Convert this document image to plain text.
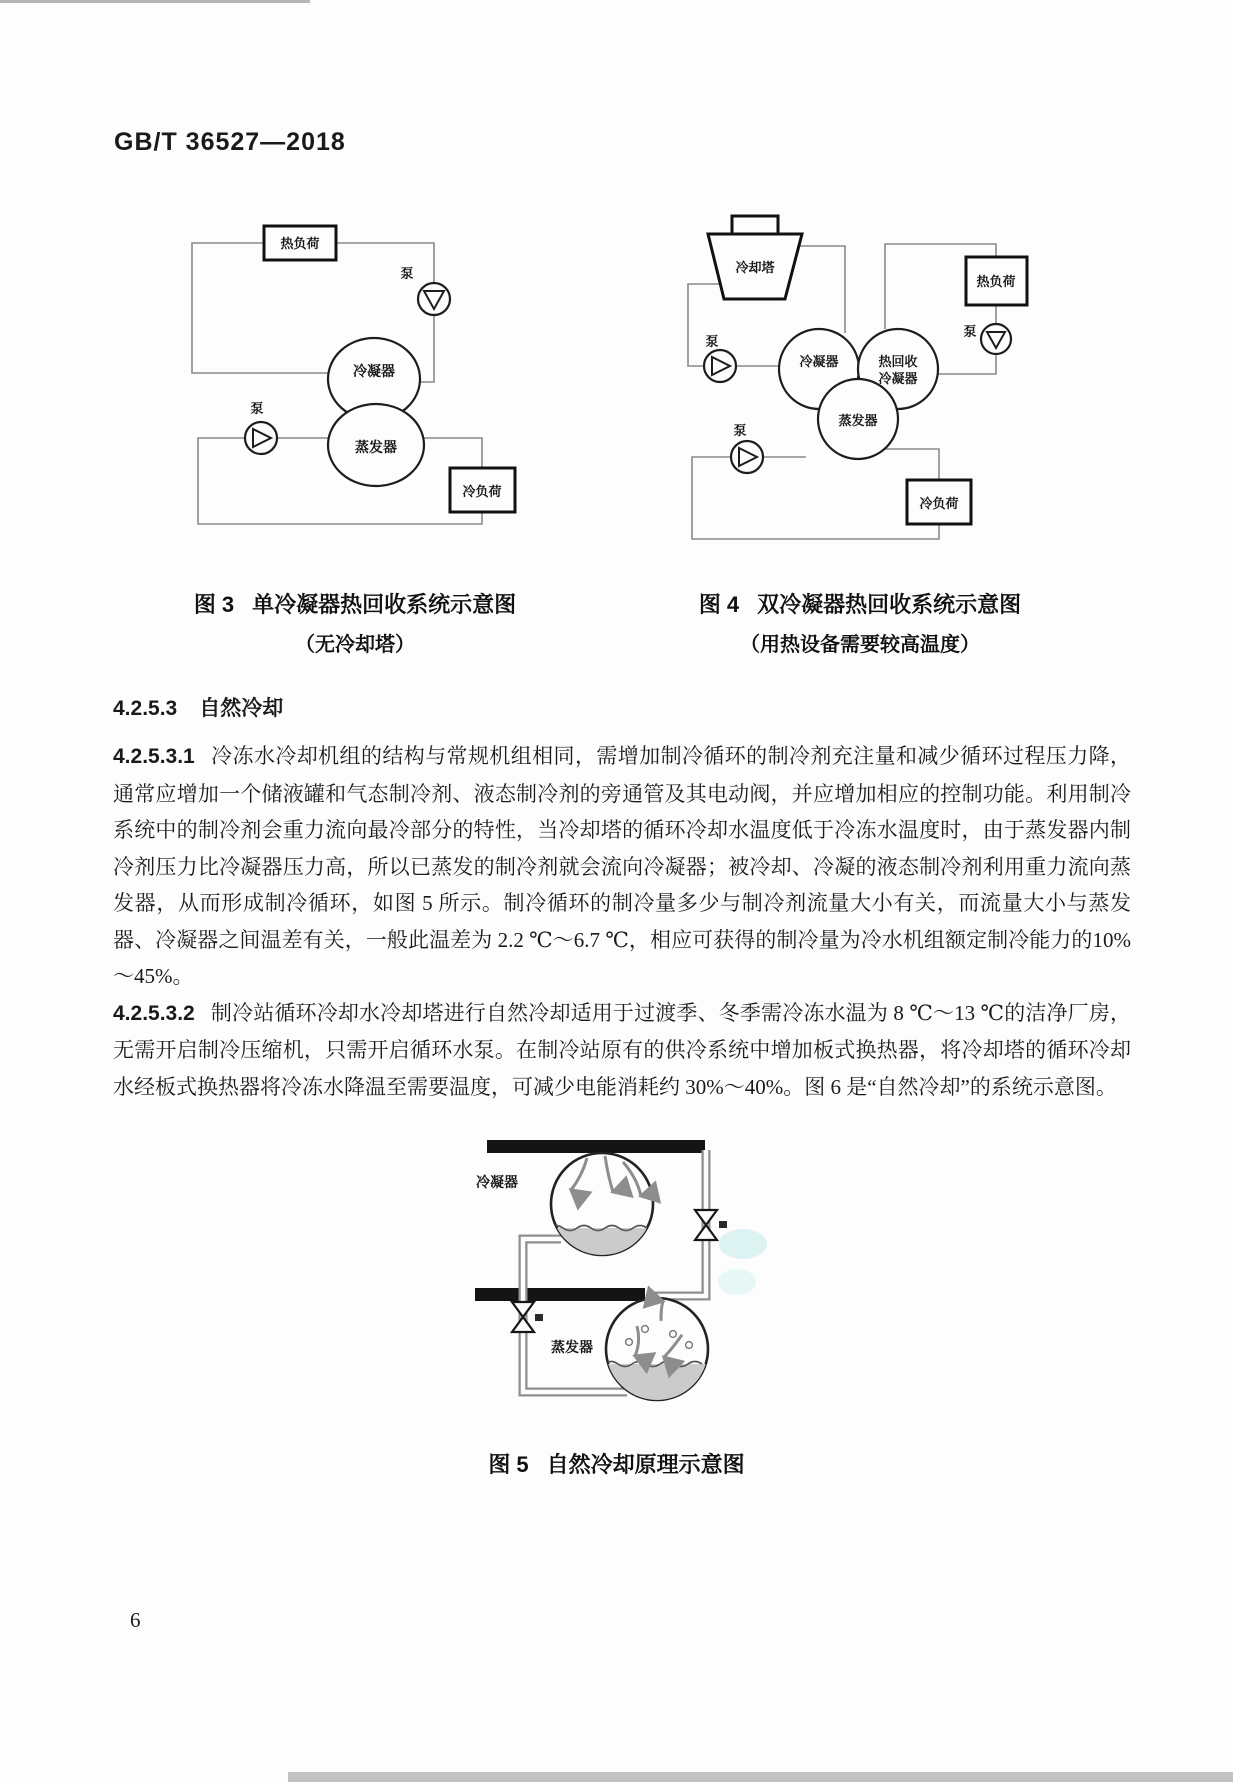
GB/T 36527—2018
热负荷
泵
冷凝器
蒸发器
泵
冷负荷
图 3 单冷凝器热回收系统示意图
（无冷却塔）
冷却塔
热回收
冷凝器
冷凝器
蒸发器
泵
热负荷
泵
泵
冷负荷
图 4 双冷凝器热回收系统示意图
（用热设备需要较高温度）
4.2.5.3 自然冷却

4.2.5.3.1 冷冻水冷却机组的结构与常规机组相同，需增加制冷循环的制冷剂充注量和减少循环过程压力降，通常应增加一个储液罐和气态制冷剂、液态制冷剂的旁通管及其电动阀，并应增加相应的控制功能。利用制冷系统中的制冷剂会重力流向最冷部分的特性，当冷却塔的循环冷却水温度低于冷冻水温度时，由于蒸发器内制冷剂压力比冷凝器压力高，所以已蒸发的制冷剂就会流向冷凝器；被冷却、冷凝的液态制冷剂利用重力流向蒸发器，从而形成制冷循环，如图 5 所示。制冷循环的制冷量多少与制冷剂流量大小有关，而流量大小与蒸发器、冷凝器之间温差有关，一般此温差为 2.2 ℃～6.7 ℃，相应可获得的制冷量为冷水机组额定制冷能力的10%～45%。

4.2.5.3.2 制冷站循环冷却水冷却塔进行自然冷却适用于过渡季、冬季需冷冻水温为 8 ℃～13 ℃的洁净厂房，无需开启制冷压缩机，只需开启循环水泵。在制冷站原有的供冷系统中增加板式换热器，将冷却塔的循环冷却水经板式换热器将冷冻水降温至需要温度，可减少电能消耗约 30%～40%。图 6 是“自然冷却”的系统示意图。

冷凝器
蒸发器
图 5 自然冷却原理示意图
6
